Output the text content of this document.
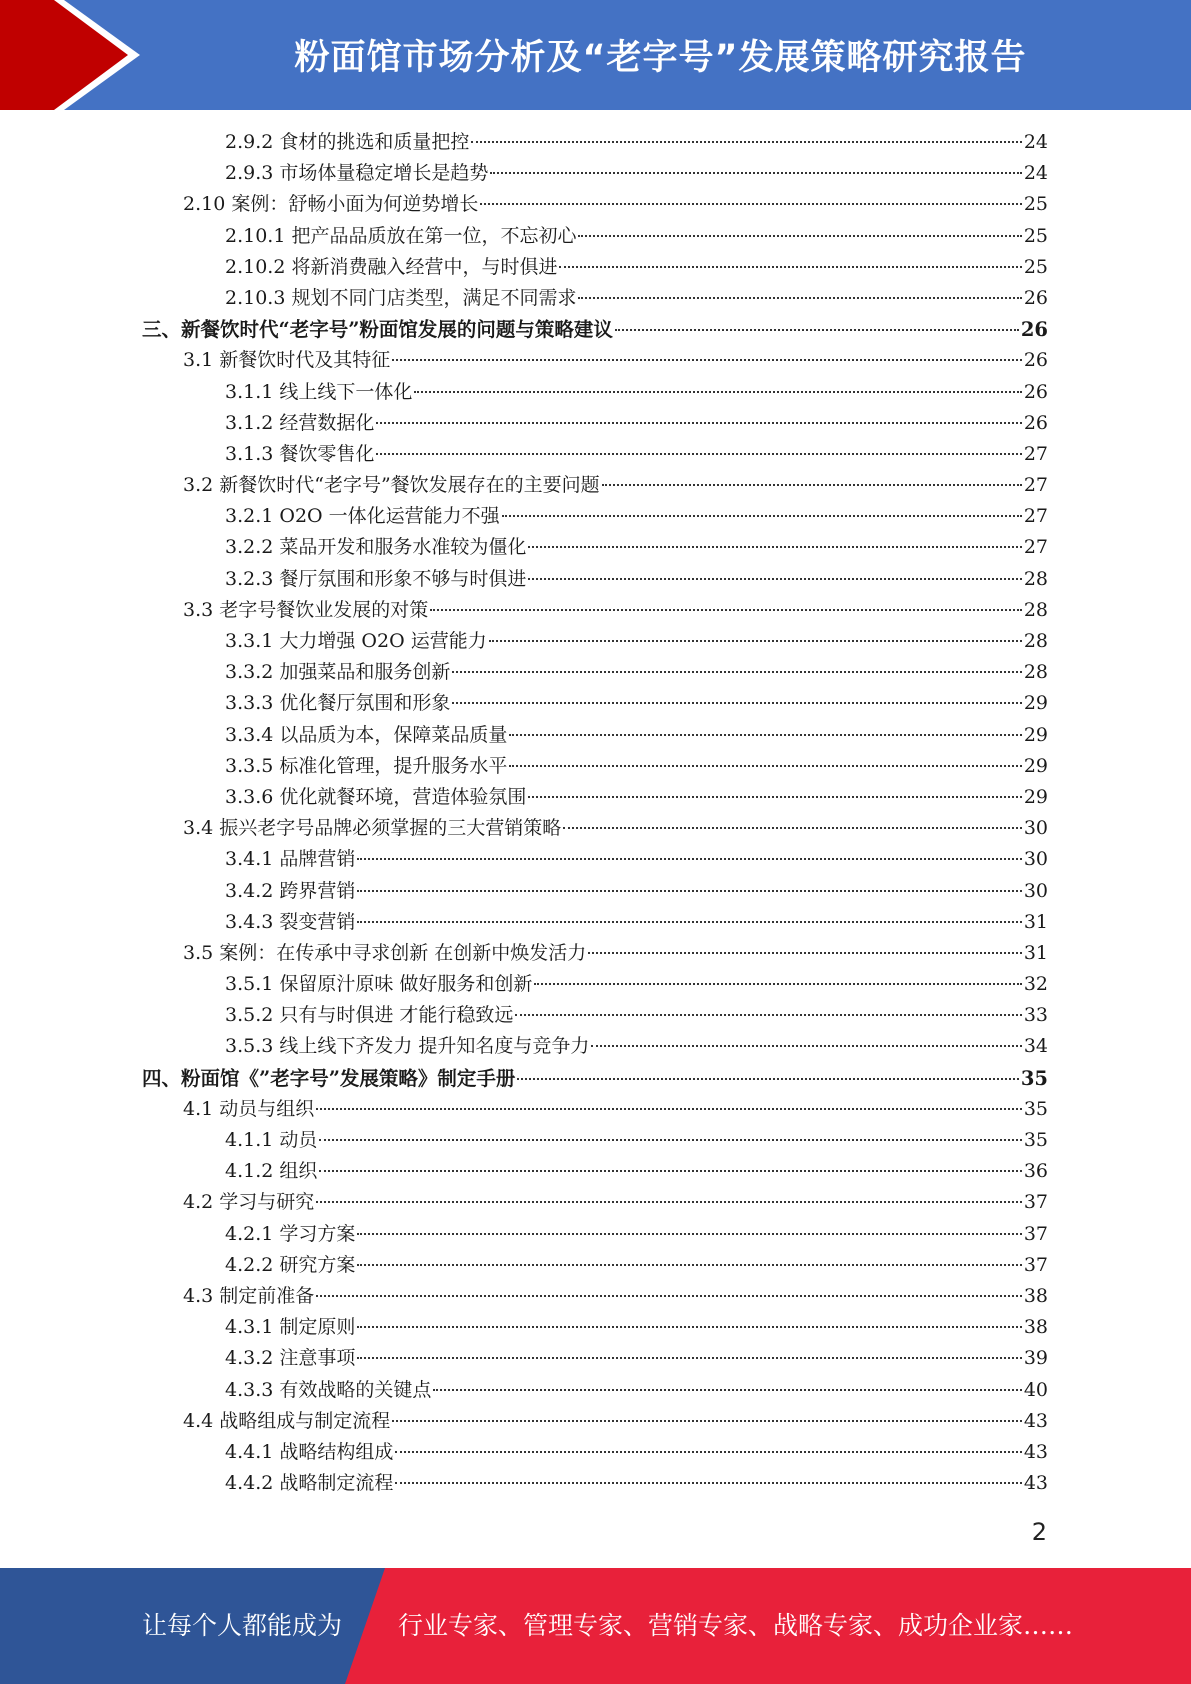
粉面馆市场分析及“老字号”发展策略研究报告
2.9.2 食材的挑选和质量把控	24
2.9.3 市场体量稳定增长是趋势	24
2.10 案例：舒畅小面为何逆势增长	25
2.10.1 把产品品质放在第一位，不忘初心	25
2.10.2 将新消费融入经营中，与时俱进	25
2.10.3 规划不同门店类型，满足不同需求	26
三、新餐饮时代“老字号”粉面馆发展的问题与策略建议	26
3.1 新餐饮时代及其特征	26
3.1.1 线上线下一体化	26
3.1.2 经营数据化	26
3.1.3 餐饮零售化	27
3.2 新餐饮时代“老字号”餐饮发展存在的主要问题	27
3.2.1 O2O 一体化运营能力不强	27
3.2.2 菜品开发和服务水准较为僵化	27
3.2.3 餐厅氛围和形象不够与时俱进	28
3.3 老字号餐饮业发展的对策	28
3.3.1 大力增强 O2O 运营能力	28
3.3.2 加强菜品和服务创新	28
3.3.3 优化餐厅氛围和形象	29
3.3.4 以品质为本，保障菜品质量	29
3.3.5 标准化管理，提升服务水平	29
3.3.6 优化就餐环境，营造体验氛围	29
3.4 振兴老字号品牌必须掌握的三大营销策略	30
3.4.1 品牌营销	30
3.4.2 跨界营销	30
3.4.3 裂变营销	31
3.5 案例：在传承中寻求创新 在创新中焕发活力	31
3.5.1 保留原汁原味 做好服务和创新	32
3.5.2 只有与时俱进 才能行稳致远	33
3.5.3 线上线下齐发力 提升知名度与竞争力	34
四、粉面馆《”老字号”发展策略》制定手册	35
4.1 动员与组织	35
4.1.1 动员	35
4.1.2 组织	36
4.2 学习与研究	37
4.2.1 学习方案	37
4.2.2 研究方案	37
4.3 制定前准备	38
4.3.1 制定原则	38
4.3.2 注意事项	39
4.3.3 有效战略的关键点	40
4.4 战略组成与制定流程	43
4.4.1 战略结构组成	43
4.4.2 战略制定流程	43
2
让每个人都能成为 行业专家、管理专家、营销专家、战略专家、成功企业家……
